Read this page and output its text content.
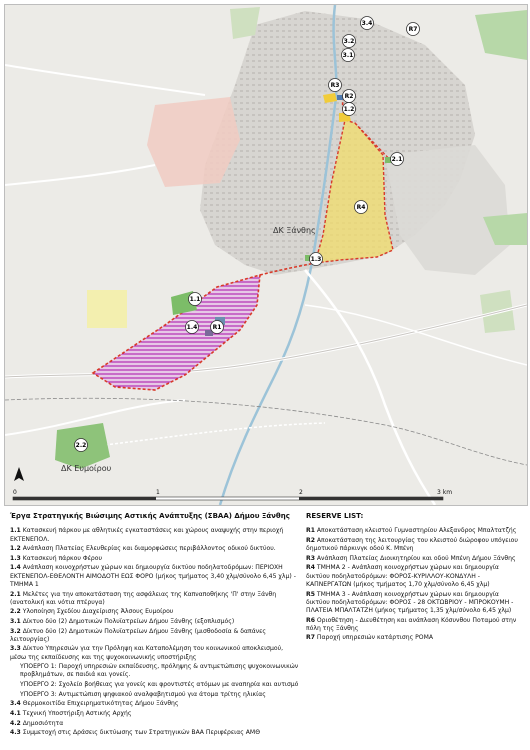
ΔΚ Ξάνθης
ΔΚ Ευμοίρου
3.4
R7
3.2
3.1
R3
R2
1.2
2.1
R4
1.3
1.1
1.4	R1
2.2
0	1	2	3 km
Έργα Στρατηγικής Βιώσιμης Αστικής Ανάπτυξης (ΣΒΑΑ) Δήμου Ξάνθης
1.1 Κατασκευή πάρκου με αθλητικές εγκαταστάσεις και χώρους αναψυχής στην περιοχή ΕΚΤΕΝΕΠΟΛ.
1.2 Ανάπλαση Πλατείας Ελευθερίας και διαμορφώσεις περιβάλλοντος οδικού δικτύου.
1.3 Κατασκευή πάρκου Φέρου
1.4 Ανάπλαση κοινοχρήστων χώρων και δημιουργία δικτύου ποδηλατοδρόμων: ΠΕΡΙΟΧΗ ΕΚΤΕΝΕΠΟΛ-ΕΘΕΛΟΝΤΗ ΑΙΜΟΔΟΤΗ ΕΩΣ ΦΟΡΟ (μήκος τμήματος 3,40 χλμ/σύνολο 6,45 χλμ) - ΤΜΗΜΑ 1
2.1 Μελέτες για την αποκατάσταση της ασφάλειας της Καπναποθήκης 'Π' στην Ξάνθη (ανατολική και νότια πτέρυγα)
2.2 Υλοποίηση Σχεδίου Διαχείρισης Άλσους Ευμοίρου
3.1 Δίκτυο δύο (2) Δημοτικών Πολυϊατρείων Δήμου Ξάνθης (εξοπλισμός)
3.2 Δίκτυο δύο (2) Δημοτικών Πολυϊατρείων Δήμου Ξάνθης (μισθοδοσία & δαπάνες λειτουργίας)
3.3 Δίκτυο Υπηρεσιών για την Πρόληψη και Καταπολέμηση του κοινωνικού αποκλεισμού, μέσω της εκπαίδευσης και της ψυχοκοινωνικής υποστήριξης
ΥΠΟΕΡΓΟ 1: Παροχή υπηρεσιών εκπαίδευσης, πρόληψης & αντιμετώπισης ψυχοκοινωνικών προβλημάτων, σε παιδιά και γονείς.
ΥΠΟΕΡΓΟ 2: Σχολείο βοήθειας για γονείς και φροντιστές ατόμων με αναπηρία και αυτισμό
ΥΠΟΕΡΓΟ 3: Αντιμετώπιση ψηφιακού αναλφαβητισμού για άτομα τρίτης ηλικίας
3.4 Θερμοκοιτίδα Επιχειρηματικότητας Δήμου Ξάνθης
4.1 Τεχνική Υποστήριξη Αστικής Αρχής
4.2 Δημοσιότητα
4.3 Συμμετοχή στις Δράσεις δικτύωσης των Στρατηγικών ΒΑΑ Περιφέρειας ΑΜΘ
RESERVE LIST:
R1 Αποκατάσταση κλειστού Γυμναστηρίου Αλεξανδρος Μπαλτατζής
R2 Αποκατάσταση της λειτουργίας του κλειστού διώροφου υπόγειου δημοτικού πάρκινγκ οδού Κ. Μπένη
R3 Ανάπλαση Πλατείας Διοικητηρίου και οδού Μπένη Δήμου Ξάνθης
R4 ΤΜΗΜΑ 2 - Ανάπλαση κοινοχρήστων χώρων και δημιουργία δικτύου ποδηλατοδρόμων: ΦΟΡΟΣ-ΚΥΡΙΛΛΟΥ-ΚΟΝΔΥΛΗ - ΚΑΠΝΕΡΓΑΤΩΝ (μήκος τμήματος 1,70 χλμ/σύνολο 6,45 χλμ)
R5 ΤΜΗΜΑ 3 - Ανάπλαση κοινοχρήστων χώρων και δημιουργία δικτύου ποδηλατοδρόμων: ΦΟΡΟΣ - 28 ΟΚΤΩΒΡΙΟΥ - ΜΠΡΟΚΟΥΜΗ - ΠΛΑΤΕΙΑ ΜΠΑΛΤΑΤΖΗ (μήκος τμήματος 1,35 χλμ/σύνολο 6,45 χλμ)
R6 Οριοθέτηση - Διευθέτηση και ανάπλαση Κόσυνθου Ποταμού στην πόλη της Ξάνθης
R7 Παροχή υπηρεσιών κατάρτισης ΡΟΜΑ
